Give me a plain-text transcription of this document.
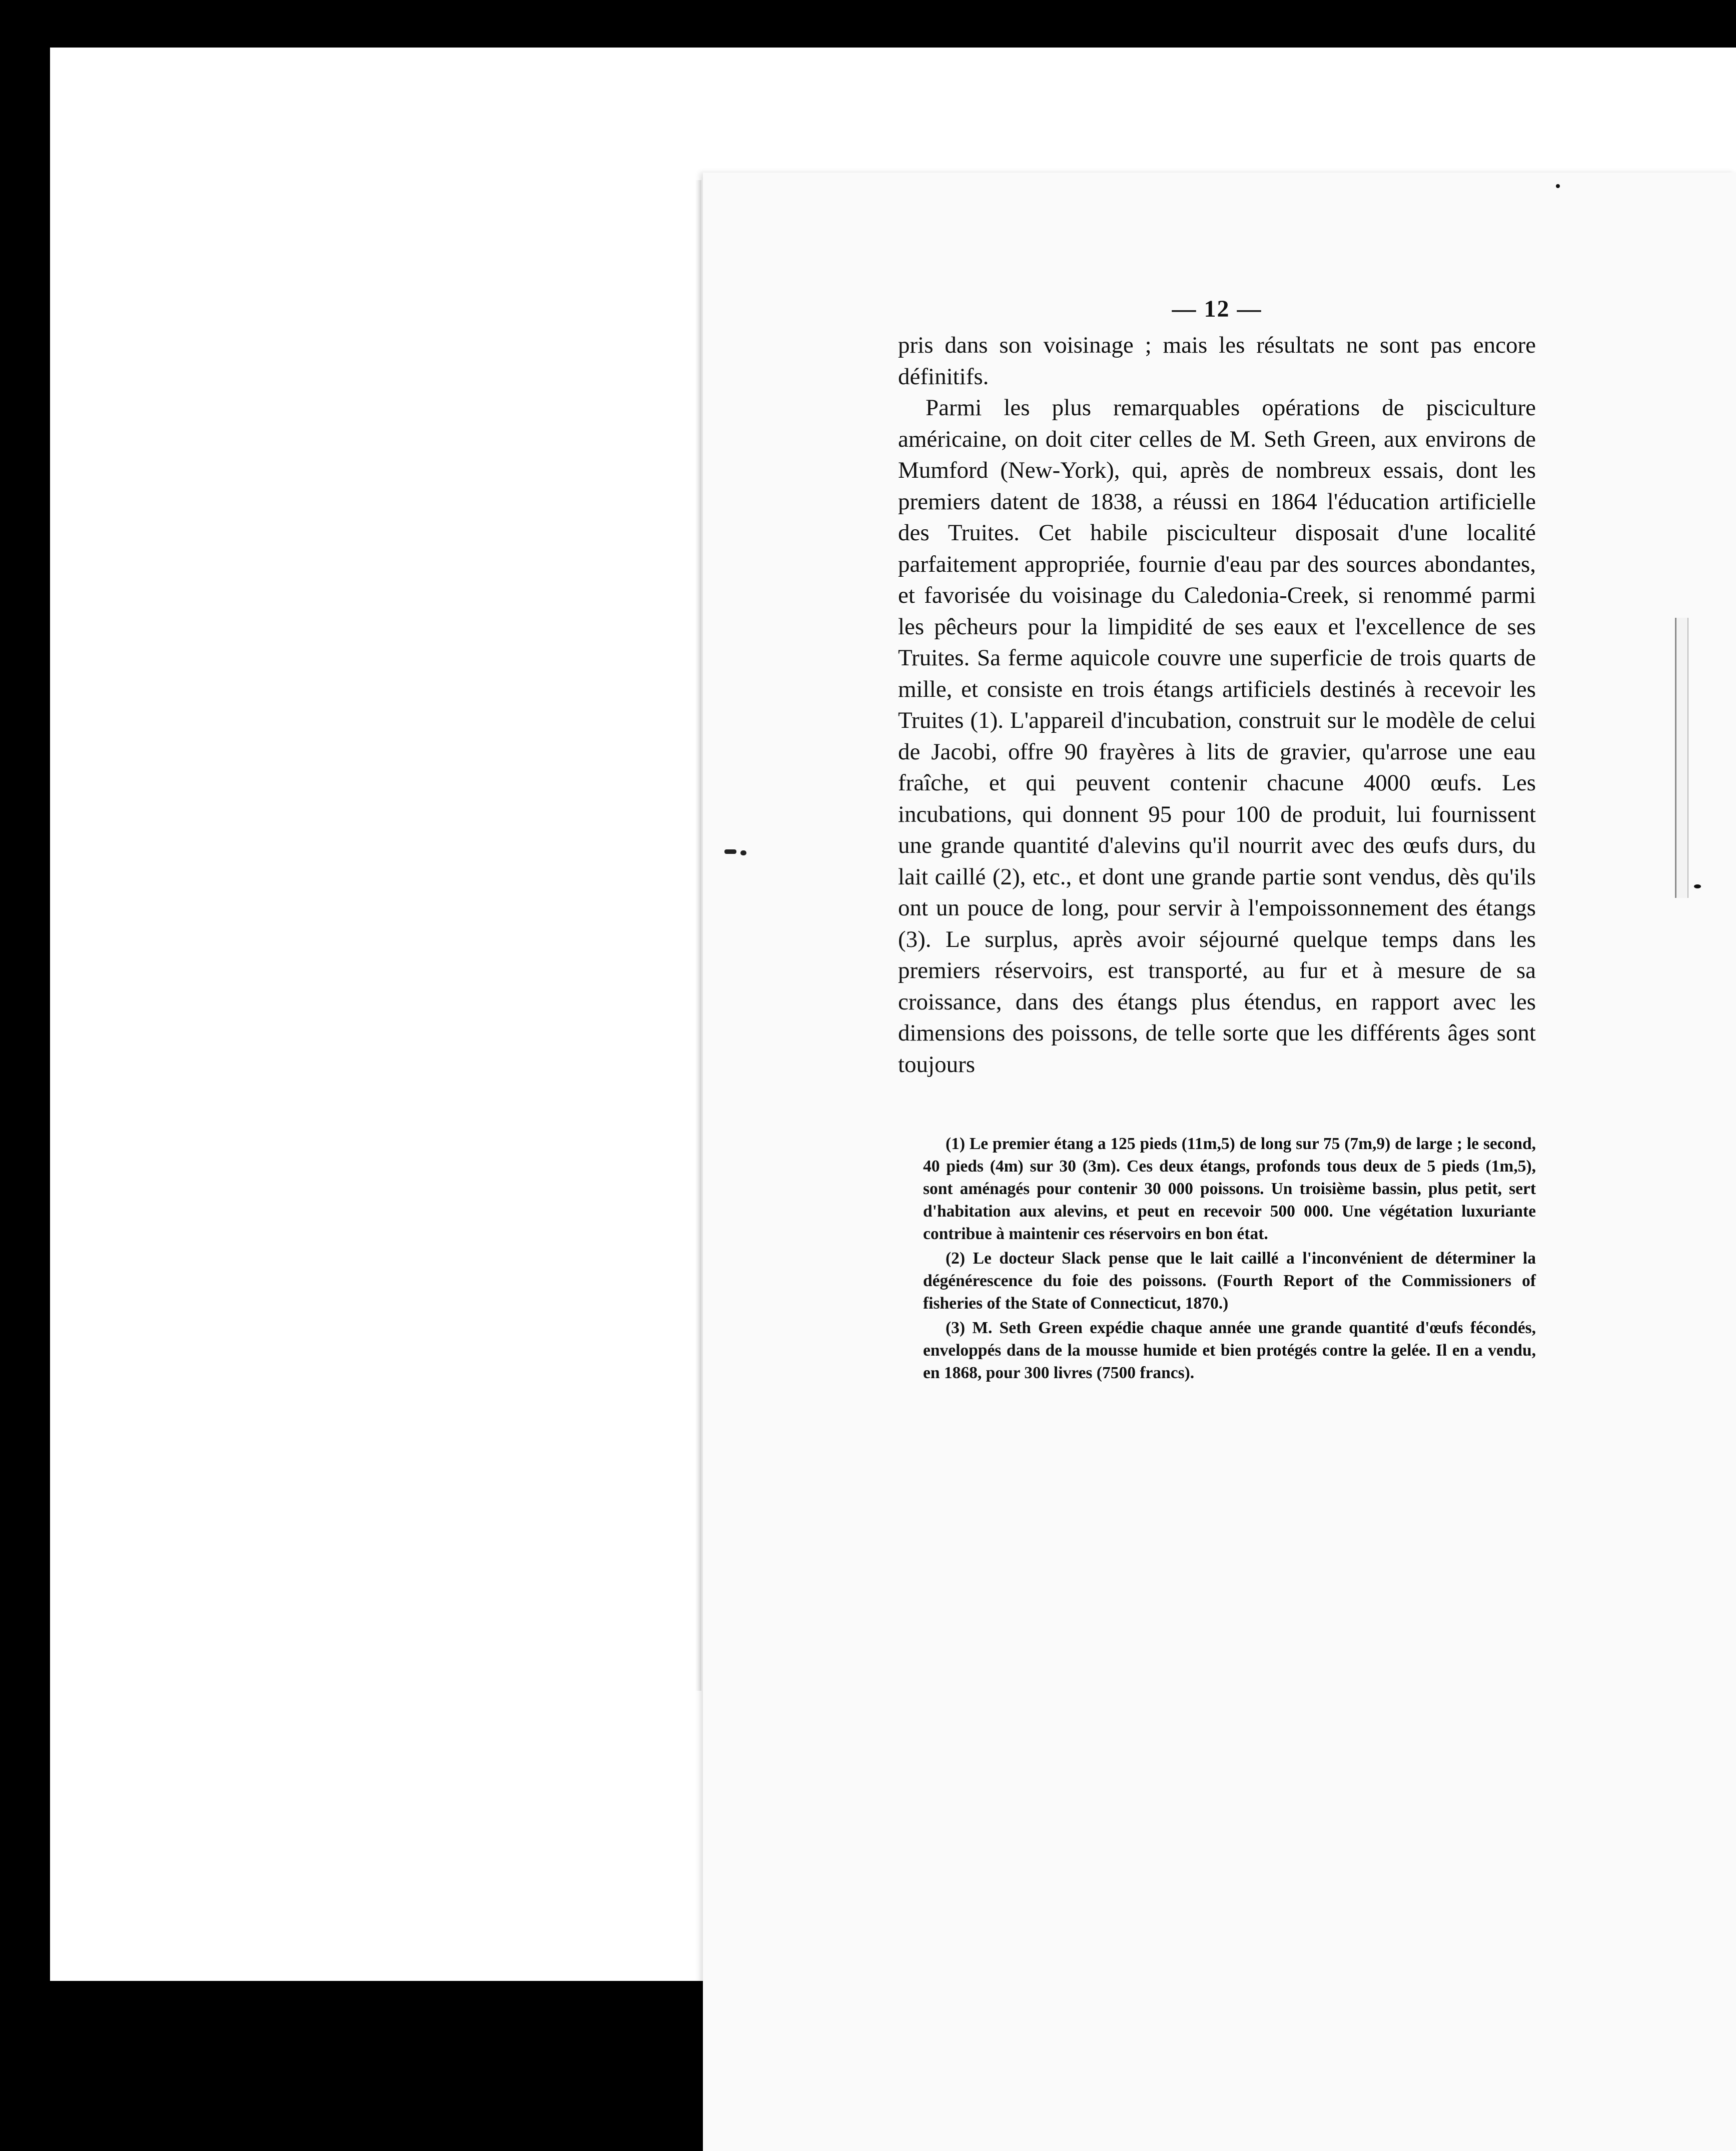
— 12 —

pris dans son voisinage ; mais les résultats ne sont pas encore définitifs.

Parmi les plus remarquables opérations de pisciculture américaine, on doit citer celles de M. Seth Green, aux environs de Mumford (New-York), qui, après de nombreux essais, dont les premiers datent de 1838, a réussi en 1864 l'éducation artificielle des Truites. Cet habile pisciculteur disposait d'une localité parfaitement appropriée, fournie d'eau par des sources abondantes, et favorisée du voisinage du Caledonia-Creek, si renommé parmi les pêcheurs pour la limpidité de ses eaux et l'excellence de ses Truites. Sa ferme aquicole couvre une superficie de trois quarts de mille, et consiste en trois étangs artificiels destinés à recevoir les Truites (1). L'appareil d'incubation, construit sur le modèle de celui de Jacobi, offre 90 frayères à lits de gravier, qu'arrose une eau fraîche, et qui peuvent contenir chacune 4000 œufs. Les incubations, qui donnent 95 pour 100 de produit, lui fournissent une grande quantité d'alevins qu'il nourrit avec des œufs durs, du lait caillé (2), etc., et dont une grande partie sont vendus, dès qu'ils ont un pouce de long, pour servir à l'empoissonnement des étangs (3). Le surplus, après avoir séjourné quelque temps dans les premiers réservoirs, est transporté, au fur et à mesure de sa croissance, dans des étangs plus étendus, en rapport avec les dimensions des poissons, de telle sorte que les différents âges sont toujours

(1) Le premier étang a 125 pieds (11m,5) de long sur 75 (7m,9) de large ; le second, 40 pieds (4m) sur 30 (3m). Ces deux étangs, profonds tous deux de 5 pieds (1m,5), sont aménagés pour contenir 30 000 poissons. Un troisième bassin, plus petit, sert d'habitation aux alevins, et peut en recevoir 500 000. Une végétation luxuriante contribue à maintenir ces réservoirs en bon état.

(2) Le docteur Slack pense que le lait caillé a l'inconvénient de déterminer la dégénérescence du foie des poissons. (Fourth Report of the Commissioners of fisheries of the State of Connecticut, 1870.)

(3) M. Seth Green expédie chaque année une grande quantité d'œufs fécondés, enveloppés dans de la mousse humide et bien protégés contre la gelée. Il en a vendu, en 1868, pour 300 livres (7500 francs).
